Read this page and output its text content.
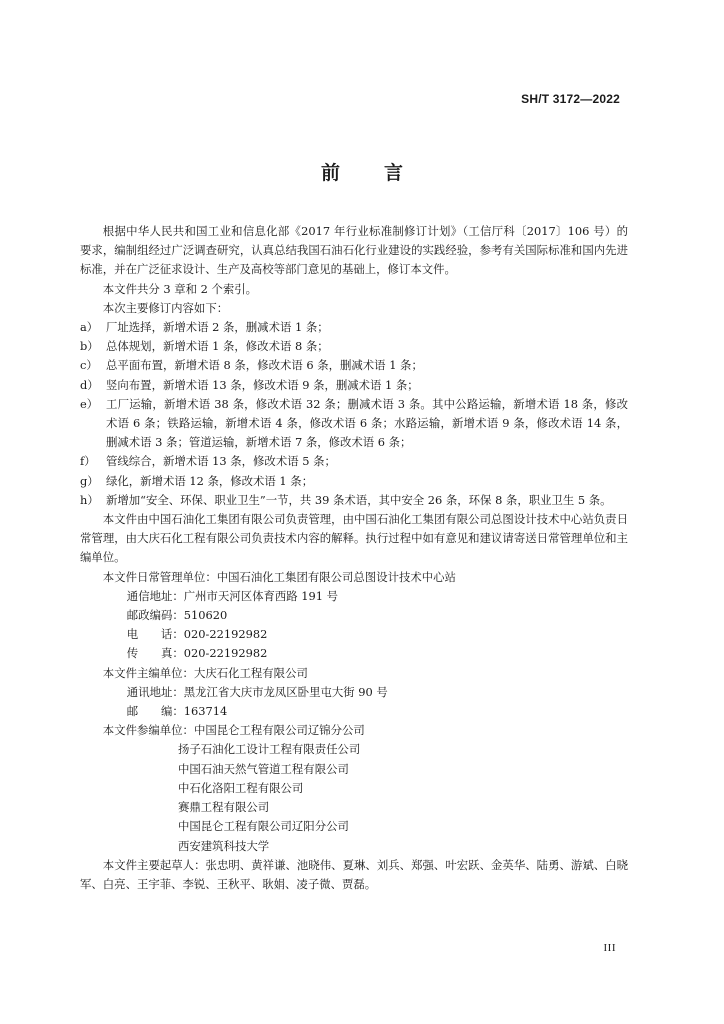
SH/T 3172—2022
前 言

根据中华人民共和国工业和信息化部《2017 年行业标准制修订计划》（工信厅科〔2017〕106 号）的要求，编制组经过广泛调查研究，认真总结我国石油石化行业建设的实践经验，参考有关国际标准和国内先进标准，并在广泛征求设计、生产及高校等部门意见的基础上，修订本文件。

本文件共分 3 章和 2 个索引。

本次主要修订内容如下：

a） 厂址选择，新增术语 2 条，删减术语 1 条；
b） 总体规划，新增术语 1 条，修改术语 8 条；
c） 总平面布置，新增术语 8 条，修改术语 6 条，删减术语 1 条；
d） 竖向布置，新增术语 13 条，修改术语 9 条，删减术语 1 条；
e） 工厂运输，新增术语 38 条，修改术语 32 条；删减术语 3 条。其中公路运输，新增术语 18 条，修改术语 6 条；铁路运输，新增术语 4 条，修改术语 6 条；水路运输，新增术语 9 条，修改术语 14 条，删减术语 3 条；管道运输，新增术语 7 条，修改术语 6 条；
f） 管线综合，新增术语 13 条，修改术语 5 条；
g） 绿化，新增术语 12 条，修改术语 1 条；
h） 新增加“安全、环保、职业卫生”一节，共 39 条术语，其中安全 26 条，环保 8 条，职业卫生 5 条。

本文件由中国石油化工集团有限公司负责管理，由中国石油化工集团有限公司总图设计技术中心站负责日常管理，由大庆石化工程有限公司负责技术内容的解释。执行过程中如有意见和建议请寄送日常管理单位和主编单位。

本文件日常管理单位：中国石油化工集团有限公司总图设计技术中心站

通信地址：广州市天河区体育西路 191 号

邮政编码：510620

电　　话：020-22192982

传　　真：020-22192982

本文件主编单位：大庆石化工程有限公司

通讯地址：黑龙江省大庆市龙凤区卧里屯大街 90 号

邮　　编：163714

本文件参编单位：中国昆仑工程有限公司辽锦分公司

扬子石油化工设计工程有限责任公司

中国石油天然气管道工程有限公司

中石化洛阳工程有限公司

赛鼎工程有限公司

中国昆仑工程有限公司辽阳分公司

西安建筑科技大学

本文件主要起草人：张忠明、黄祥谦、池晓伟、夏琳、刘兵、郑强、叶宏跃、金英华、陆勇、游斌、白晓军、白亮、王宇菲、李锐、王秋平、耿娟、凌子微、贾磊。

III
